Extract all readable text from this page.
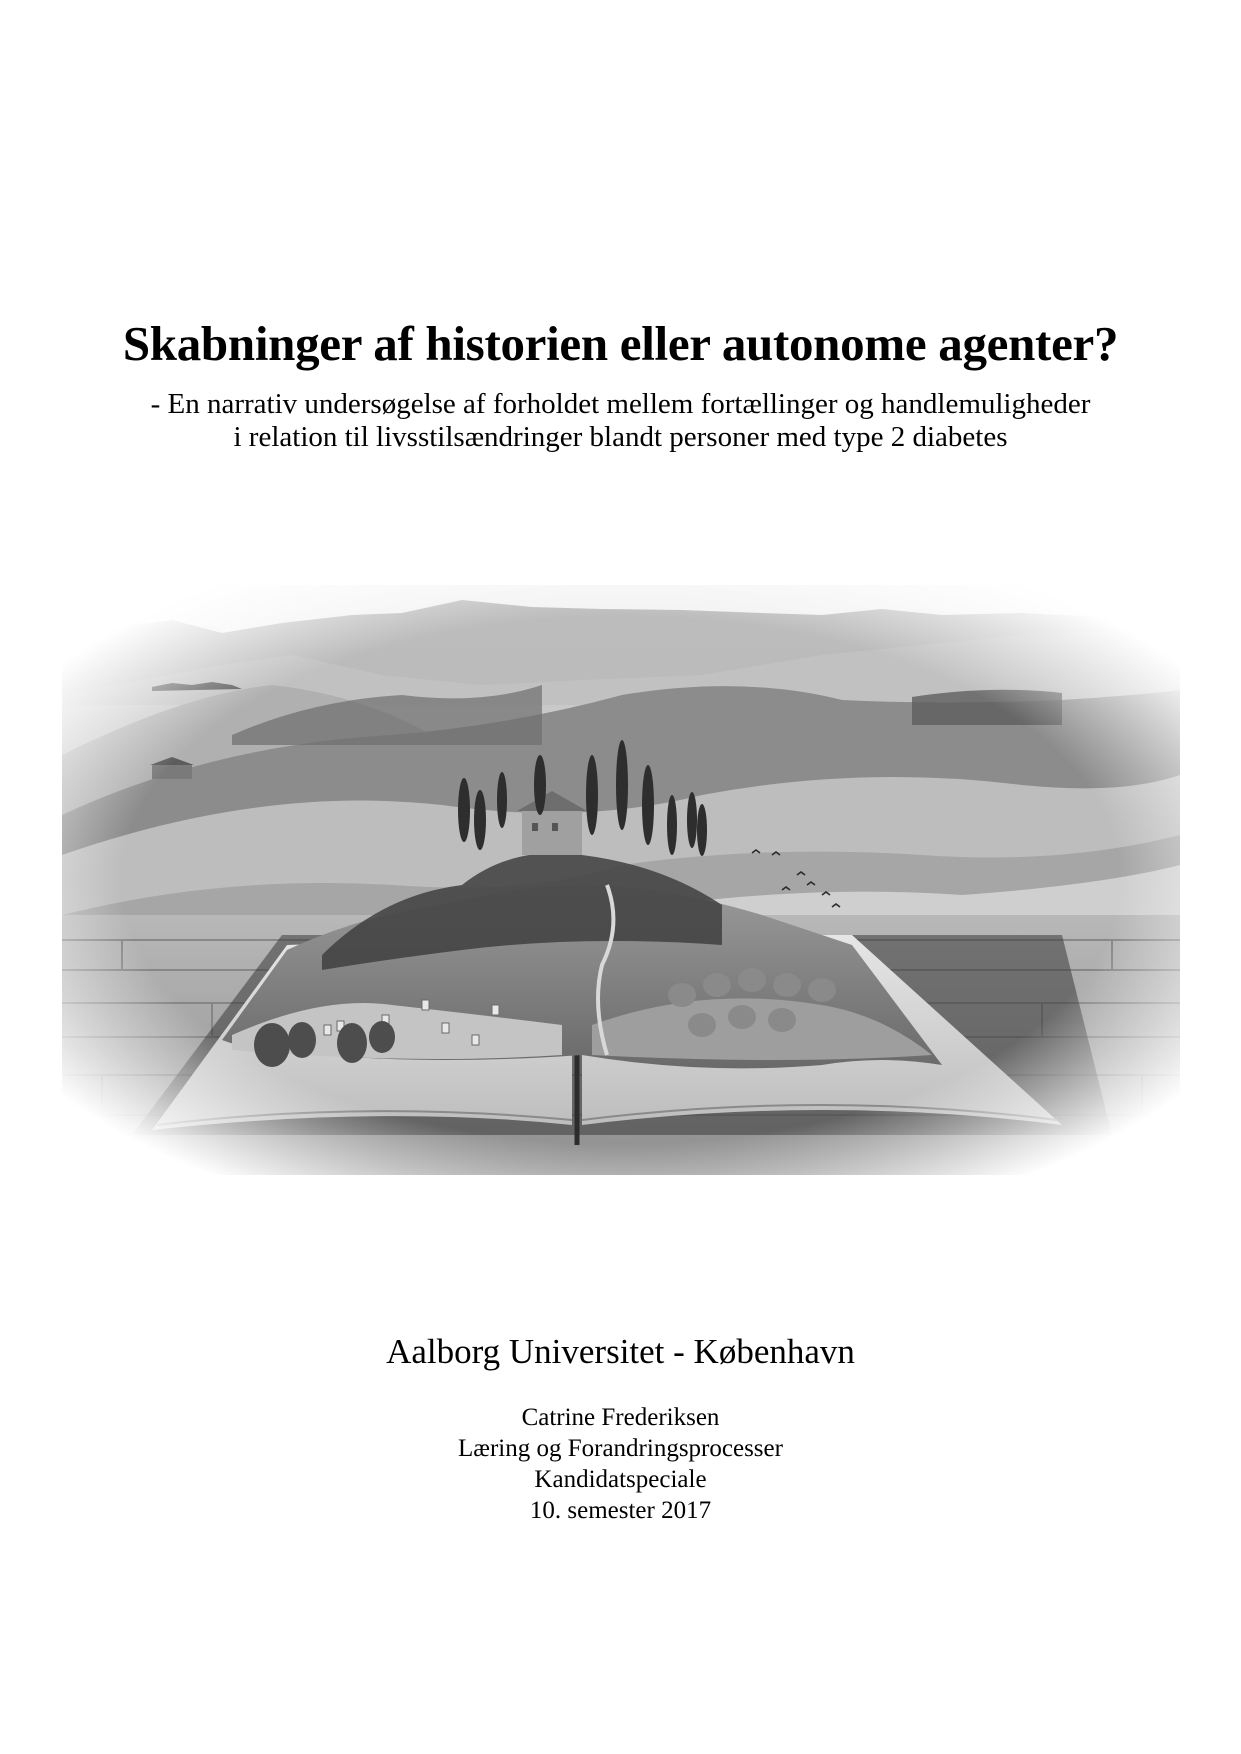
Skabninger af historien eller autonome agenter?
- En narrativ undersøgelse af forholdet mellem fortællinger og handlemuligheder
i relation til livsstilsændringer blandt personer med type 2 diabetes
Aalborg Universitet - København
Catrine Frederiksen
Læring og Forandringsprocesser
Kandidatspeciale
10. semester 2017
